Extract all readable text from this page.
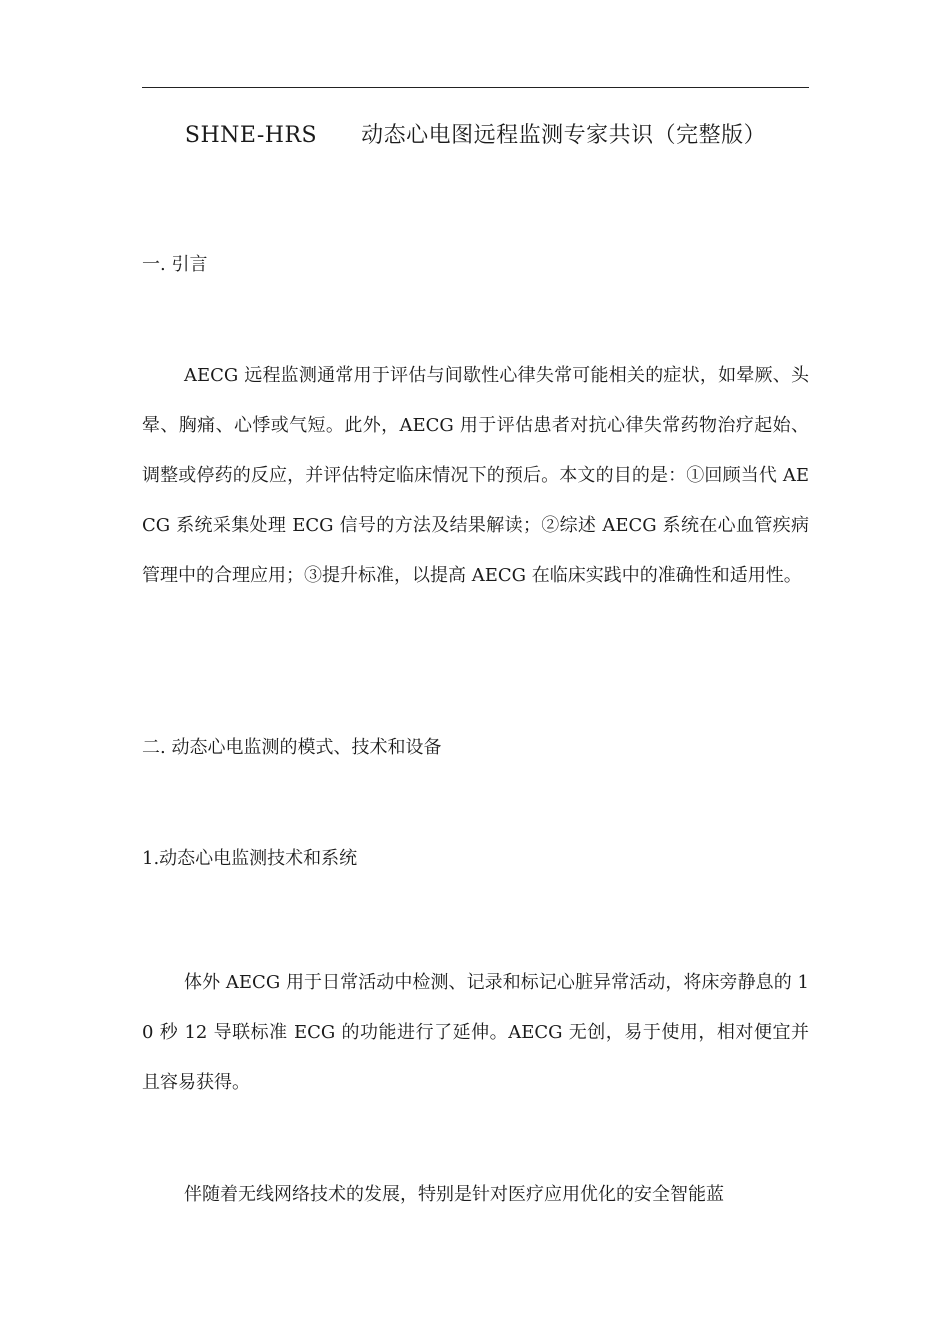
SHNE-HRS 动态心电图远程监测专家共识（完整版）
一. 引言
AECG 远程监测通常用于评估与间歇性心律失常可能相关的症状，如晕厥、头晕、胸痛、心悸或气短。此外，AECG 用于评估患者对抗心律失常药物治疗起始、调整或停药的反应，并评估特定临床情况下的预后。本文的目的是：①回顾当代 AECG 系统采集处理 ECG 信号的方法及结果解读；②综述 AECG 系统在心血管疾病管理中的合理应用；③提升标准，以提高 AECG 在临床实践中的准确性和适用性。
二. 动态心电监测的模式、技术和设备
1.动态心电监测技术和系统
体外 AECG 用于日常活动中检测、记录和标记心脏异常活动，将床旁静息的 10 秒 12 导联标准 ECG 的功能进行了延伸。AECG 无创，易于使用，相对便宜并且容易获得。
伴随着无线网络技术的发展，特别是针对医疗应用优化的安全智能蓝
